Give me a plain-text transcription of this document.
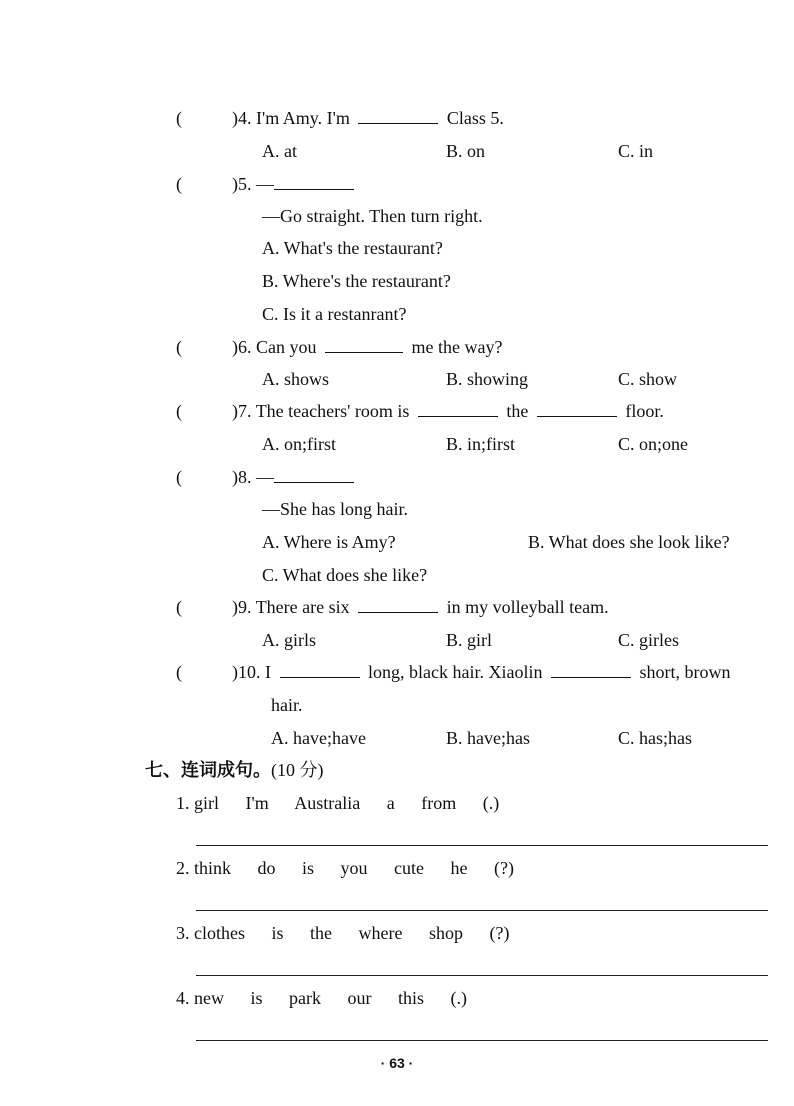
(	)4. I'm Amy. I'm	Class 5.
A. at	B. on	C. in
(	)5. —
—Go straight. Then turn right.
A. What's the restaurant?
B. Where's the restaurant?
C. Is it a restanrant?
(	)6. Can you	me the way?
A. shows	B. showing	C. show
(	)7. The teachers' room is	the	floor.
A. on;first	B. in;first	C. on;one
(	)8. —
—She has long hair.
A. Where is Amy?	B. What does she look like?
C. What does she like?
(	)9. There are six	in my volleyball team.
A. girls	B. girl	C. girles
(	)10. I	long, black hair. Xiaolin	short, brown
hair.
A. have;have	B. have;has	C. has;has
七、连词成句。(10 分)
1. girl I'm Australia a from (.)
2. think do is you cute he (?)
3. clothes is the where shop (?)
4. new is park our this (.)
· 63 ·
